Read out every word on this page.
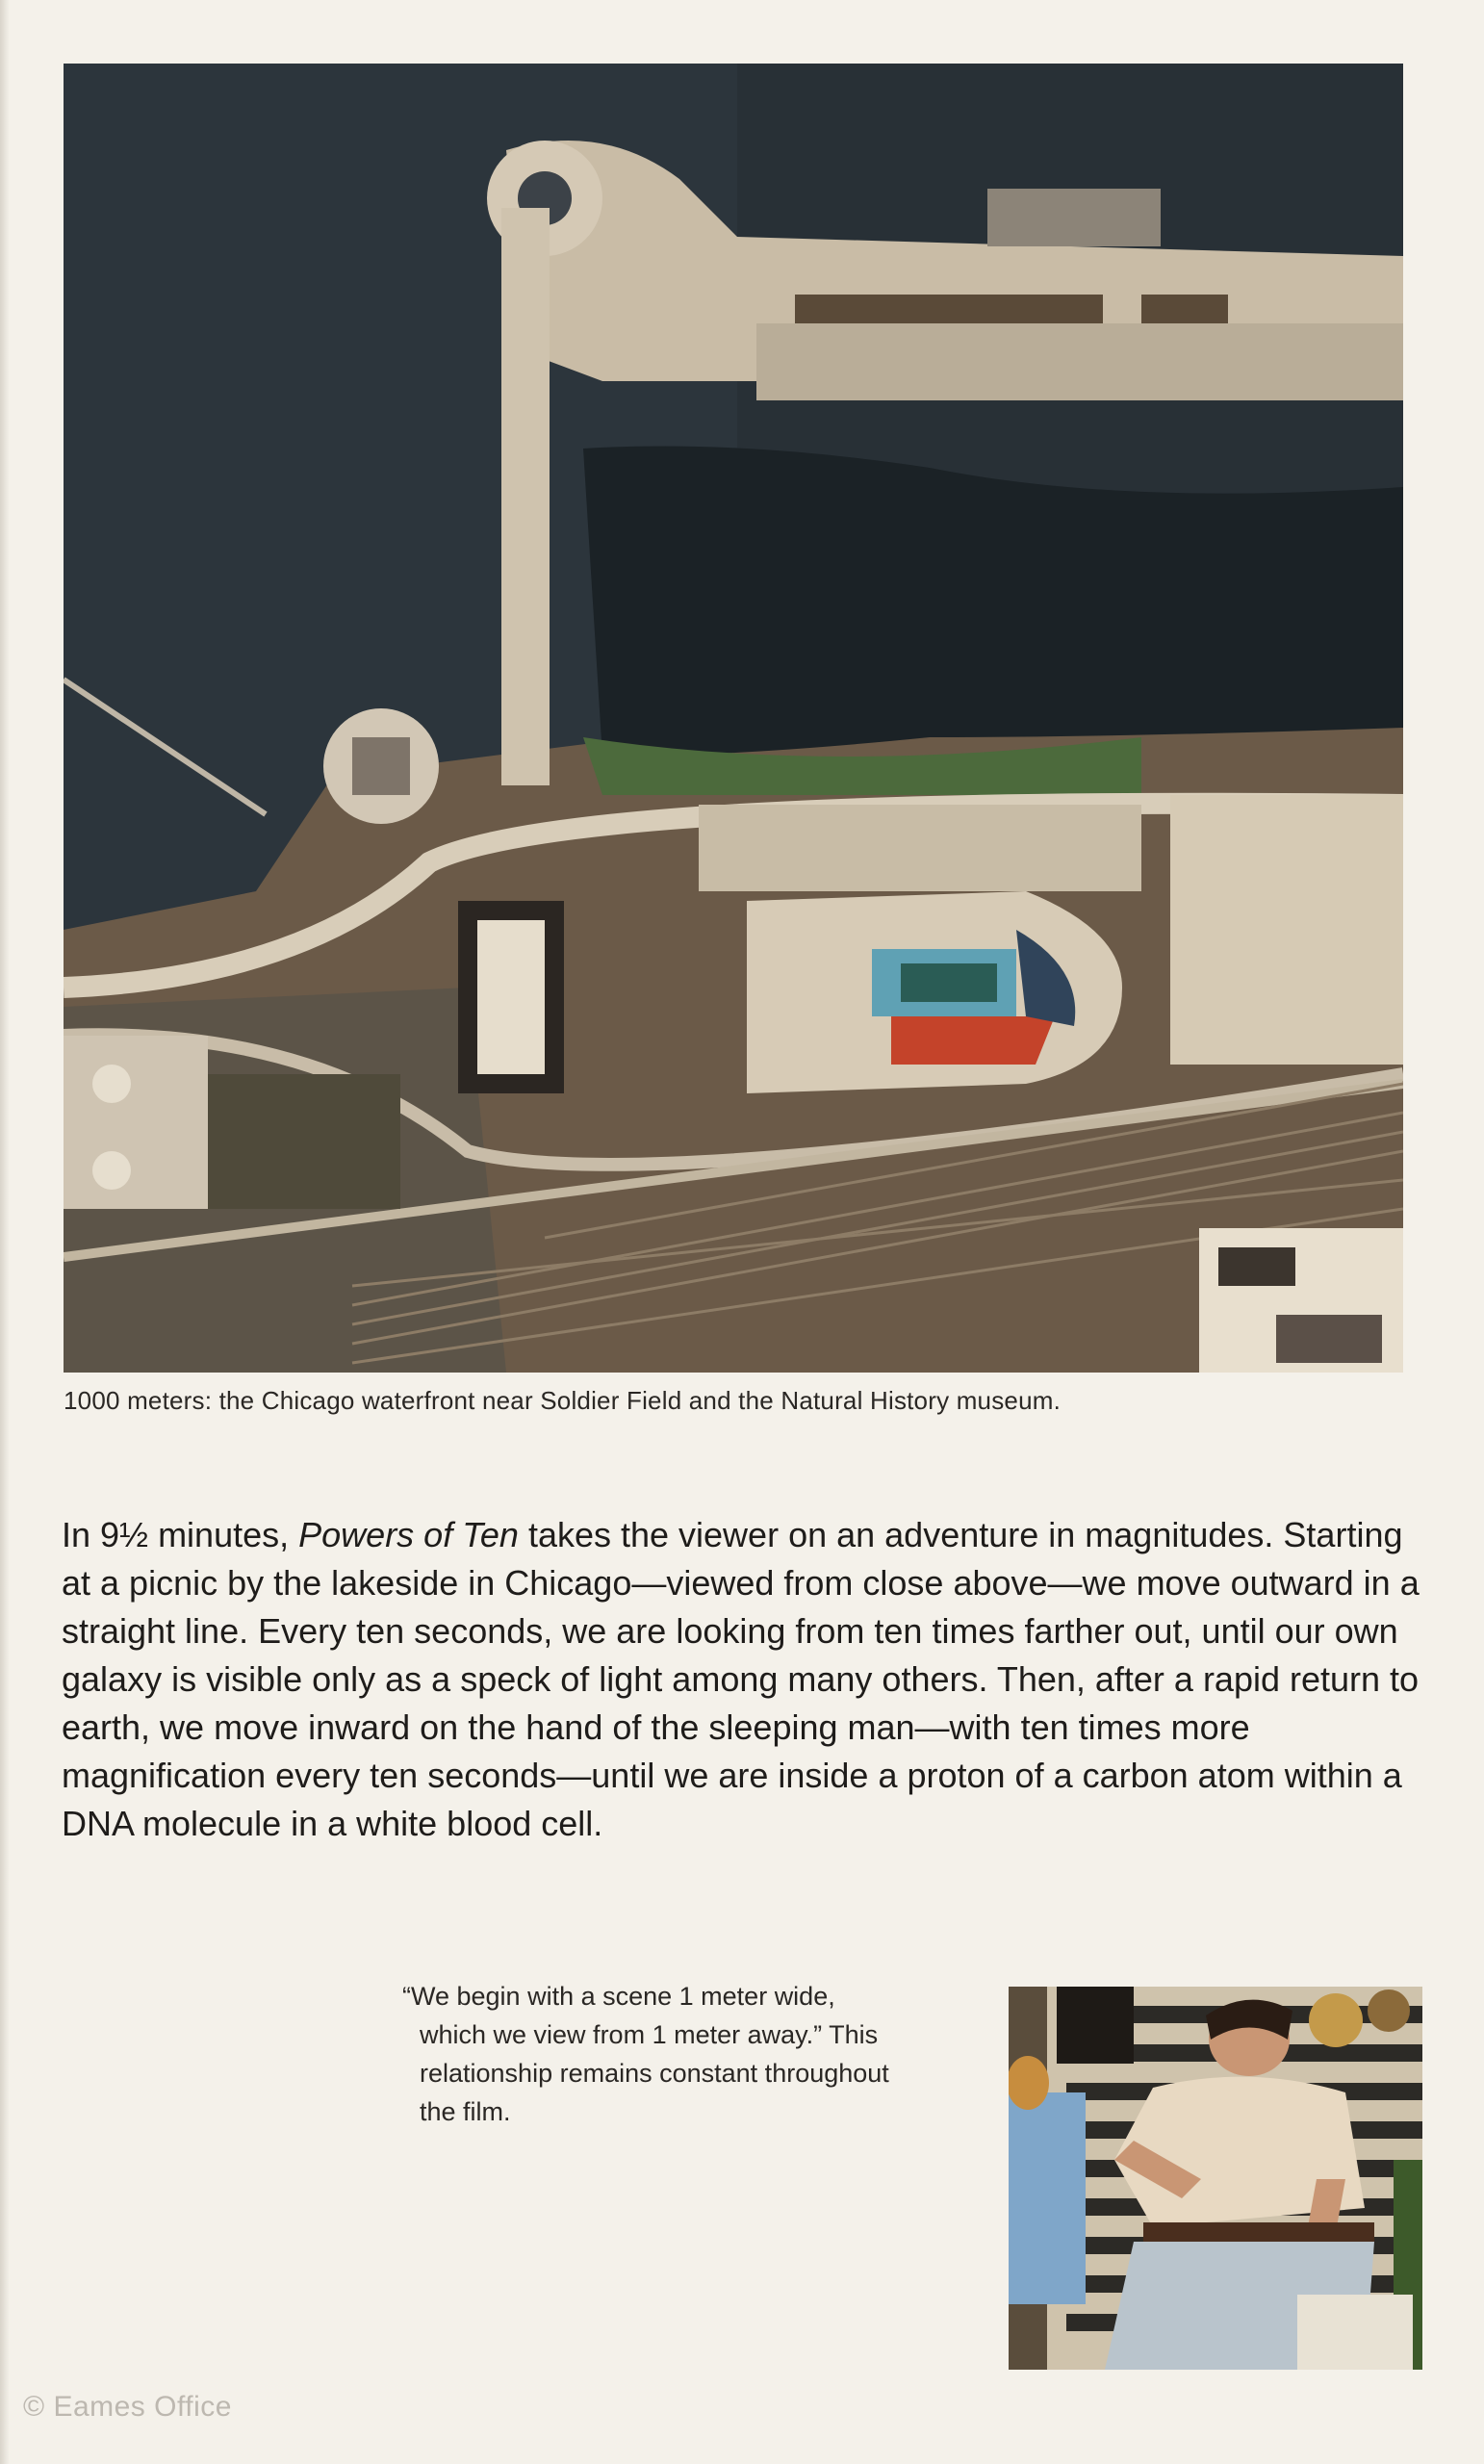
1000 meters: the Chicago waterfront near Soldier Field and the Natural History museum.
In 9½ minutes, Powers of Ten takes the viewer on an adventure in magnitudes. Starting at a picnic by the lakeside in Chicago—viewed from close above—we move outward in a straight line. Every ten seconds, we are looking from ten times farther out, until our own galaxy is visible only as a speck of light among many others. Then, after a rapid return to earth, we move inward on the hand of the sleeping man—with ten times more magnification every ten seconds—until we are inside a proton of a carbon atom within a DNA molecule in a white blood cell.
“We begin with a scene 1 meter wide,
which we view from 1 meter away.” This
relationship remains constant throughout
the film.
© Eames Office
